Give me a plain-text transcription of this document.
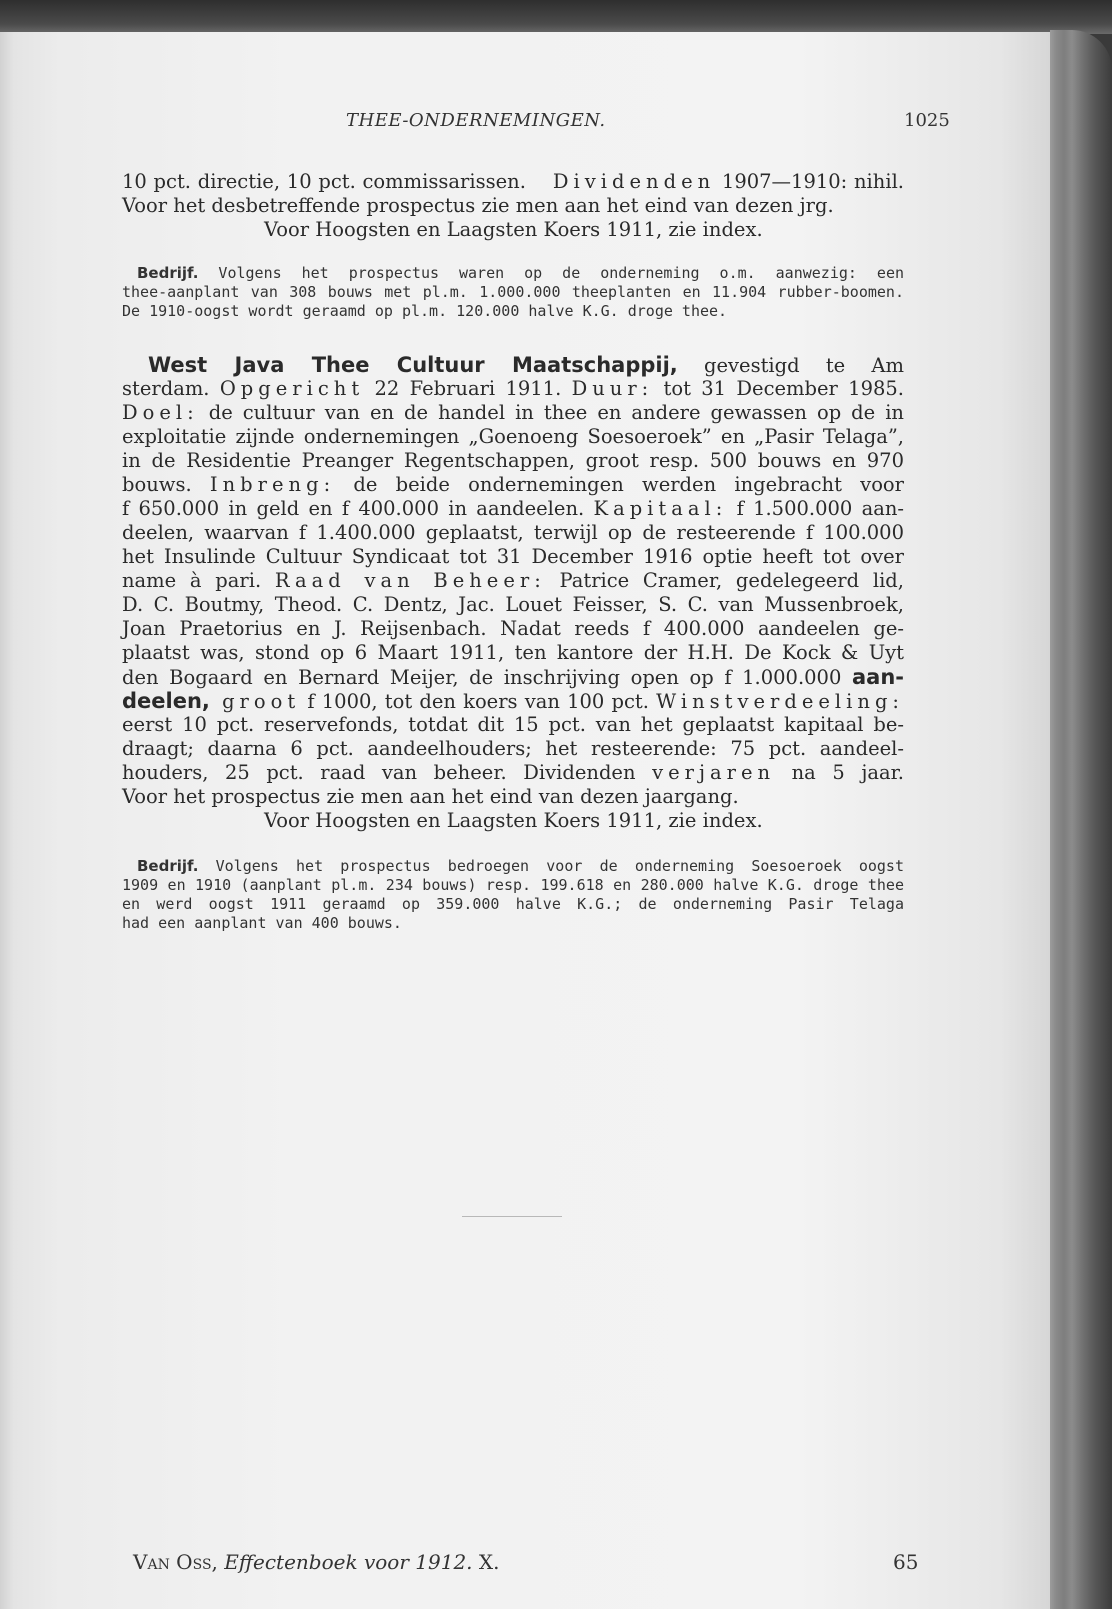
THEE-ONDERNEMINGEN.	1025
10 pct. directie, 10 pct. commissarissen. Dividenden 1907—1910: nihil.
Voor het desbetreffende prospectus zie men aan het eind van dezen jrg.
Voor Hoogsten en Laagsten Koers 1911, zie index.
Bedrijf. Volgens het prospectus waren op de onderneming o.m. aanwezig: een
thee-aanplant van 308 bouws met pl.m. 1.000.000 theeplanten en 11.904 rubber-boomen.
De 1910-oogst wordt geraamd op pl.m. 120.000 halve K.G. droge thee.
West Java Thee Cultuur Maatschappij, gevestigd te Am
sterdam. Opgericht 22 Februari 1911. Duur: tot 31 December 1985.
Doel: de cultuur van en de handel in thee en andere gewassen op de in
exploitatie zijnde ondernemingen „Goenoeng Soesoeroek” en „Pasir Telaga”,
in de Residentie Preanger Regentschappen, groot resp. 500 bouws en 970
bouws. Inbreng: de beide ondernemingen werden ingebracht voor
f 650.000 in geld en f 400.000 in aandeelen. Kapitaal: f 1.500.000 aan-
deelen, waarvan f 1.400.000 geplaatst, terwijl op de resteerende f 100.000
het Insulinde Cultuur Syndicaat tot 31 December 1916 optie heeft tot over
name à pari. Raad van Beheer: Patrice Cramer, gedelegeerd lid,
D. C. Boutmy, Theod. C. Dentz, Jac. Louet Feisser, S. C. van Mussenbroek,
Joan Praetorius en J. Reijsenbach. Nadat reeds f 400.000 aandeelen ge-
plaatst was, stond op 6 Maart 1911, ten kantore der H.H. De Kock & Uyt
den Bogaard en Bernard Meijer, de inschrijving open op f 1.000.000 aan-
deelen, groot f 1000, tot den koers van 100 pct. Winstverdeeling:
eerst 10 pct. reservefonds, totdat dit 15 pct. van het geplaatst kapitaal be-
draagt; daarna 6 pct. aandeelhouders; het resteerende: 75 pct. aandeel-
houders, 25 pct. raad van beheer. Dividenden verjaren na 5 jaar.
Voor het prospectus zie men aan het eind van dezen jaargang.
Voor Hoogsten en Laagsten Koers 1911, zie index.
Bedrijf. Volgens het prospectus bedroegen voor de onderneming Soesoeroek oogst
1909 en 1910 (aanplant pl.m. 234 bouws) resp. 199.618 en 280.000 halve K.G. droge thee
en werd oogst 1911 geraamd op 359.000 halve K.G.; de onderneming Pasir Telaga
had een aanplant van 400 bouws.
VAN OSS, Effectenboek voor 1912. X.	65
